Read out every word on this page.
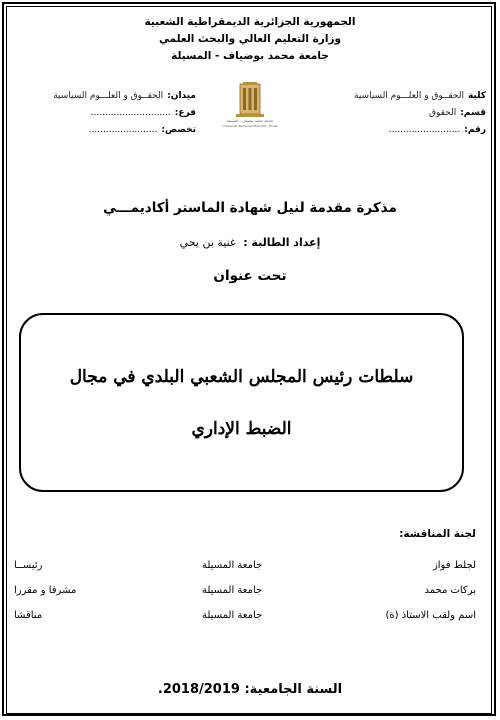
الجمهورية الجزائرية الديمقراطية الشعبية
وزارة التعليم العالي والبحث العلمي
جامعة محمد بوضياف - المسيلة
كلية
الحقــوق و العلـــوم السياسية
قسم:
الحقوق
رقم:
.........................
جامعة محمد بوضياف - المسيلة
Université Mohamed Boudiaf - M'sila
ميدان:
الحقــوق و العلـــوم السياسية
فرع:
............................
تخصص:
........................
مذكرة مقدمة لنيل شهادة الماستر أكاديمـــي
إعداد الطالبة : غنية بن يحي
تحت عنوان
سلطات رئيس المجلس الشعبي البلدي في مجال
الضبط الإداري
لجنة المناقشة:
لجلط فواز
جامعة المسيلة
رئيســا
بركات محمد
جامعة المسيلة
مشرفا و مقررا
اسم ولقب الاستاذ (ة)
جامعة المسيلة
مناقشا
السنة الجامعية: 2018/2019.
